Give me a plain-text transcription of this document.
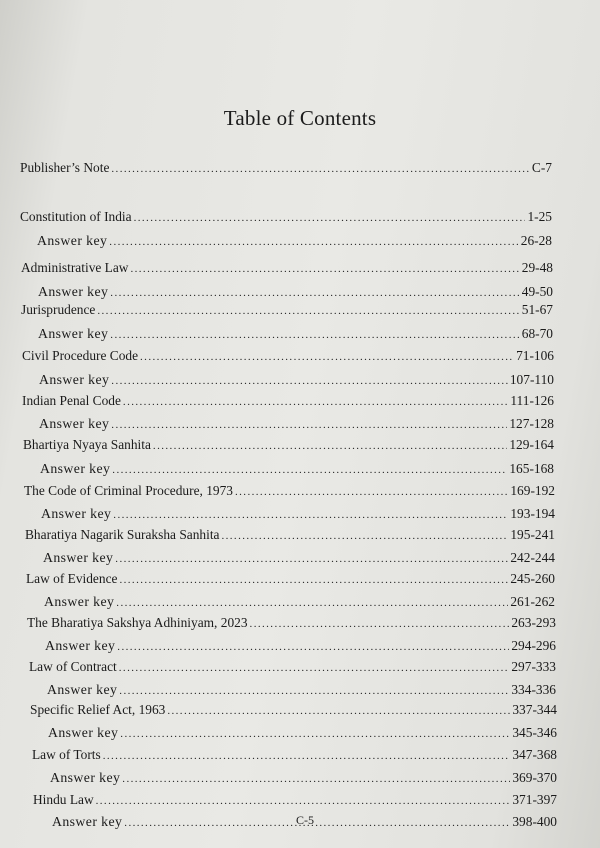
Table of Contents
Publisher’s Note .....	C-7
Constitution of India .....	1-25
Answer key .....	26-28
Administrative Law .....	29-48
Answer key .....	49-50
Jurisprudence .....	51-67
Answer key .....	68-70
Civil Procedure Code .....	71-106
Answer key .....	107-110
Indian Penal Code .....	111-126
Answer key .....	127-128
Bhartiya Nyaya Sanhita .....	129-164
Answer key .....	165-168
The Code of Criminal Procedure, 1973 .....	169-192
Answer key .....	193-194
Bharatiya Nagarik Suraksha Sanhita .....	195-241
Answer key .....	242-244
Law of Evidence .....	245-260
Answer key .....	261-262
The Bharatiya Sakshya Adhiniyam, 2023 .....	263-293
Answer key .....	294-296
Law of Contract .....	297-333
Answer key .....	334-336
Specific Relief Act, 1963 .....	337-344
Answer key .....	345-346
Law of Torts .....	347-368
Answer key .....	369-370
Hindu Law .....	371-397
Answer key .....	398-400
C-5
